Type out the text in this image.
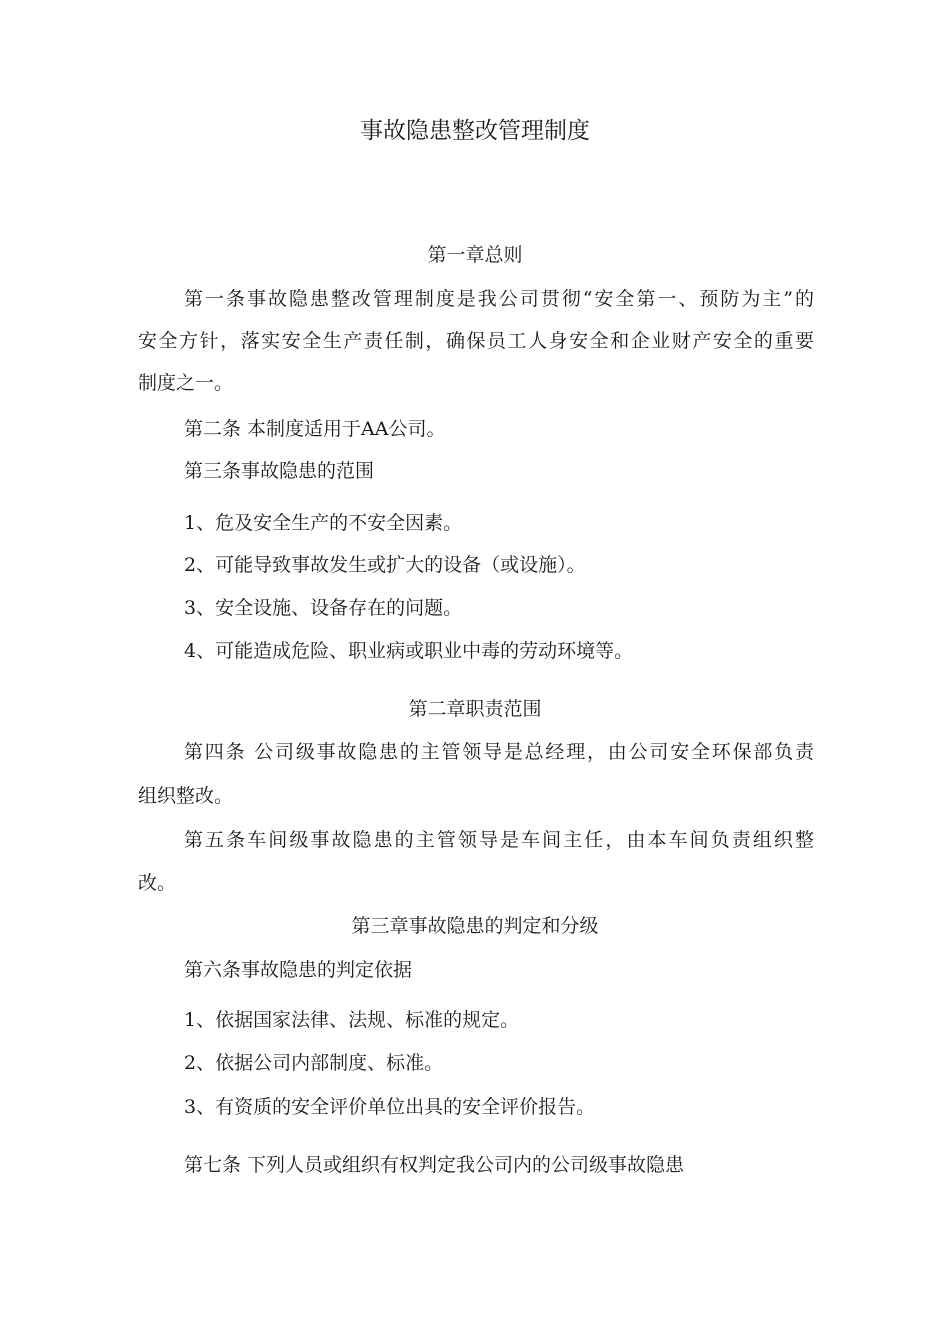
事故隐患整改管理制度
第一章总则
第一条事故隐患整改管理制度是我公司贯彻“安全第一、预防为主”的
安全方针，落实安全生产责任制，确保员工人身安全和企业财产安全的重要
制度之一。
第二条 本制度适用于AA公司。
第三条事故隐患的范围
1、危及安全生产的不安全因素。
2、可能导致事故发生或扩大的设备（或设施）。
3、安全设施、设备存在的问题。
4、可能造成危险、职业病或职业中毒的劳动环境等。
第二章职责范围
第四条 公司级事故隐患的主管领导是总经理，由公司安全环保部负责
组织整改。
第五条车间级事故隐患的主管领导是车间主任，由本车间负责组织整
改。
第三章事故隐患的判定和分级
第六条事故隐患的判定依据
1、依据国家法律、法规、标准的规定。
2、依据公司内部制度、标准。
3、有资质的安全评价单位出具的安全评价报告。
第七条 下列人员或组织有权判定我公司内的公司级事故隐患
